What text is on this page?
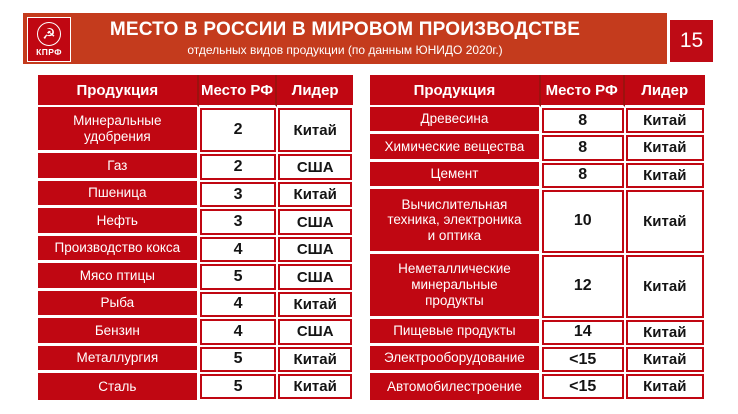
☭
КПРФ
МЕСТО В РОССИИ В МИРОВОМ ПРОИЗВОДСТВЕ
отдельных видов продукции (по данным ЮНИДО 2020г.)	15
Продукция	Место РФ	Лидер
Минеральные удобрения	2	Китай
Газ	2	США
Пшеница	3	Китай
Нефть	3	США
Производство кокса	4	США
Мясо птицы	5	США
Рыба	4	Китай
Бензин	4	США
Металлургия	5	Китай
Сталь	5	Китай
Продукция	Место РФ	Лидер
Древесина	8	Китай
Химические вещества	8	Китай
Цемент	8	Китай
Вычислительная техника, электроника и оптика	10	Китай
Неметаллические минеральные продукты	12	Китай
Пищевые продукты	14	Китай
Электрооборудование	<15	Китай
Автомобилестроение	<15	Китай
